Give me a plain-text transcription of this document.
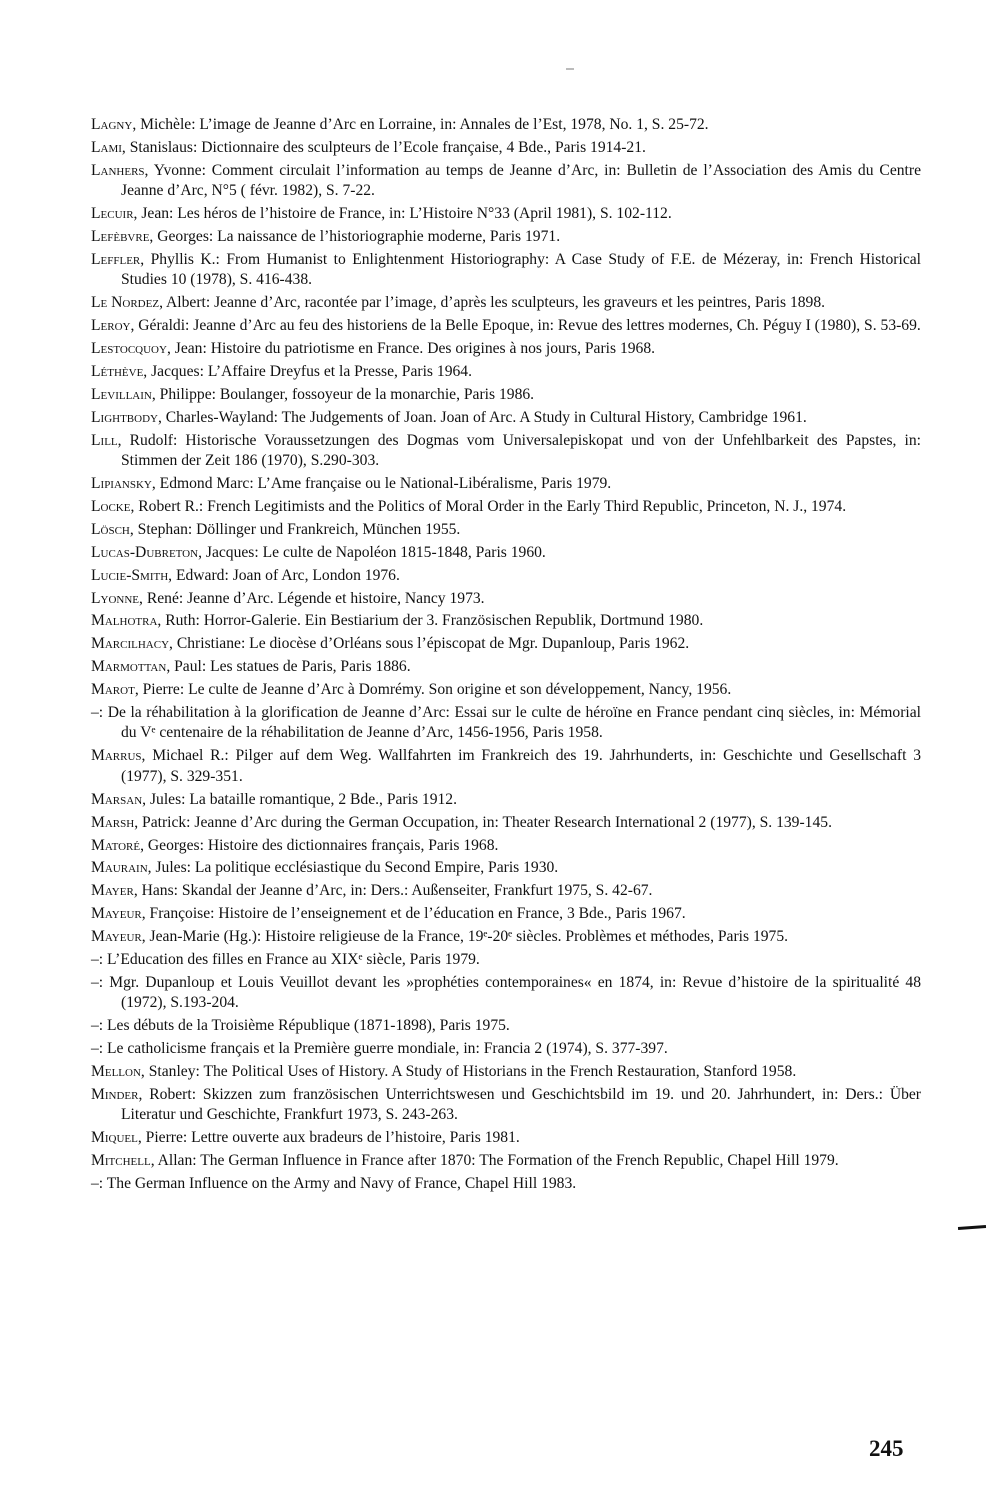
Lagny, Michèle: L’image de Jeanne d’Arc en Lorraine, in: Annales de l’Est, 1978, No. 1, S. 25-72.
Lami, Stanislaus: Dictionnaire des sculpteurs de l’Ecole française, 4 Bde., Paris 1914-21.
Lanhers, Yvonne: Comment circulait l’information au temps de Jeanne d’Arc, in: Bulletin de l’Association des Amis du Centre Jeanne d’Arc, N°5 ( févr. 1982), S. 7-22.
Lecuir, Jean: Les héros de l’histoire de France, in: L’Histoire N°33 (April 1981), S. 102-112.
Lefèbvre, Georges: La naissance de l’historiographie moderne, Paris 1971.
Leffler, Phyllis K.: From Humanist to Enlightenment Historiography: A Case Study of F.E. de Mézeray, in: French Historical Studies 10 (1978), S. 416-438.
Le Nordez, Albert: Jeanne d’Arc, racontée par l’image, d’après les sculpteurs, les graveurs et les peintres, Paris 1898.
Leroy, Géraldi: Jeanne d’Arc au feu des historiens de la Belle Epoque, in: Revue des lettres modernes, Ch. Péguy I (1980), S. 53-69.
Lestocquoy, Jean: Histoire du patriotisme en France. Des origines à nos jours, Paris 1968.
Léthève, Jacques: L’Affaire Dreyfus et la Presse, Paris 1964.
Levillain, Philippe: Boulanger, fossoyeur de la monarchie, Paris 1986.
Lightbody, Charles-Wayland: The Judgements of Joan. Joan of Arc. A Study in Cultural History, Cambridge 1961.
Lill, Rudolf: Historische Voraussetzungen des Dogmas vom Universalepiskopat und von der Unfehlbarkeit des Papstes, in: Stimmen der Zeit 186 (1970), S.290-303.
Lipiansky, Edmond Marc: L’Ame française ou le National-Libéralisme, Paris 1979.
Locke, Robert R.: French Legitimists and the Politics of Moral Order in the Early Third Republic, Princeton, N. J., 1974.
Lösch, Stephan: Döllinger und Frankreich, München 1955.
Lucas-Dubreton, Jacques: Le culte de Napoléon 1815-1848, Paris 1960.
Lucie-Smith, Edward: Joan of Arc, London 1976.
Lyonne, René: Jeanne d’Arc. Légende et histoire, Nancy 1973.
Malhotra, Ruth: Horror-Galerie. Ein Bestiarium der 3. Französischen Republik, Dortmund 1980.
Marcilhacy, Christiane: Le diocèse d’Orléans sous l’épiscopat de Mgr. Dupanloup, Paris 1962.
Marmottan, Paul: Les statues de Paris, Paris 1886.
Marot, Pierre: Le culte de Jeanne d’Arc à Domrémy. Son origine et son développement, Nancy, 1956.
–: De la réhabilitation à la glorification de Jeanne d’Arc: Essai sur le culte de héroïne en France pendant cinq siècles, in: Mémorial du Vᵉ centenaire de la réhabilitation de Jeanne d’Arc, 1456-1956, Paris 1958.
Marrus, Michael R.: Pilger auf dem Weg. Wallfahrten im Frankreich des 19. Jahrhunderts, in: Geschichte und Gesellschaft 3 (1977), S. 329-351.
Marsan, Jules: La bataille romantique, 2 Bde., Paris 1912.
Marsh, Patrick: Jeanne d’Arc during the German Occupation, in: Theater Research International 2 (1977), S. 139-145.
Matoré, Georges: Histoire des dictionnaires français, Paris 1968.
Maurain, Jules: La politique ecclésiastique du Second Empire, Paris 1930.
Mayer, Hans: Skandal der Jeanne d’Arc, in: Ders.: Außenseiter, Frankfurt 1975, S. 42-67.
Mayeur, Françoise: Histoire de l’enseignement et de l’éducation en France, 3 Bde., Paris 1967.
Mayeur, Jean-Marie (Hg.): Histoire religieuse de la France, 19ᵉ-20ᵉ siècles. Problèmes et méthodes, Paris 1975.
–: L’Education des filles en France au XIXᵉ siècle, Paris 1979.
–: Mgr. Dupanloup et Louis Veuillot devant les »prophéties contemporaines« en 1874, in: Revue d’histoire de la spiritualité 48 (1972), S.193-204.
–: Les débuts de la Troisième République (1871-1898), Paris 1975.
–: Le catholicisme français et la Première guerre mondiale, in: Francia 2 (1974), S. 377-397.
Mellon, Stanley: The Political Uses of History. A Study of Historians in the French Restauration, Stanford 1958.
Minder, Robert: Skizzen zum französischen Unterrichtswesen und Geschichtsbild im 19. und 20. Jahrhundert, in: Ders.: Über Literatur und Geschichte, Frankfurt 1973, S. 243-263.
Miquel, Pierre: Lettre ouverte aux bradeurs de l’histoire, Paris 1981.
Mitchell, Allan: The German Influence in France after 1870: The Formation of the French Republic, Chapel Hill 1979.
–: The German Influence on the Army and Navy of France, Chapel Hill 1983.
245
